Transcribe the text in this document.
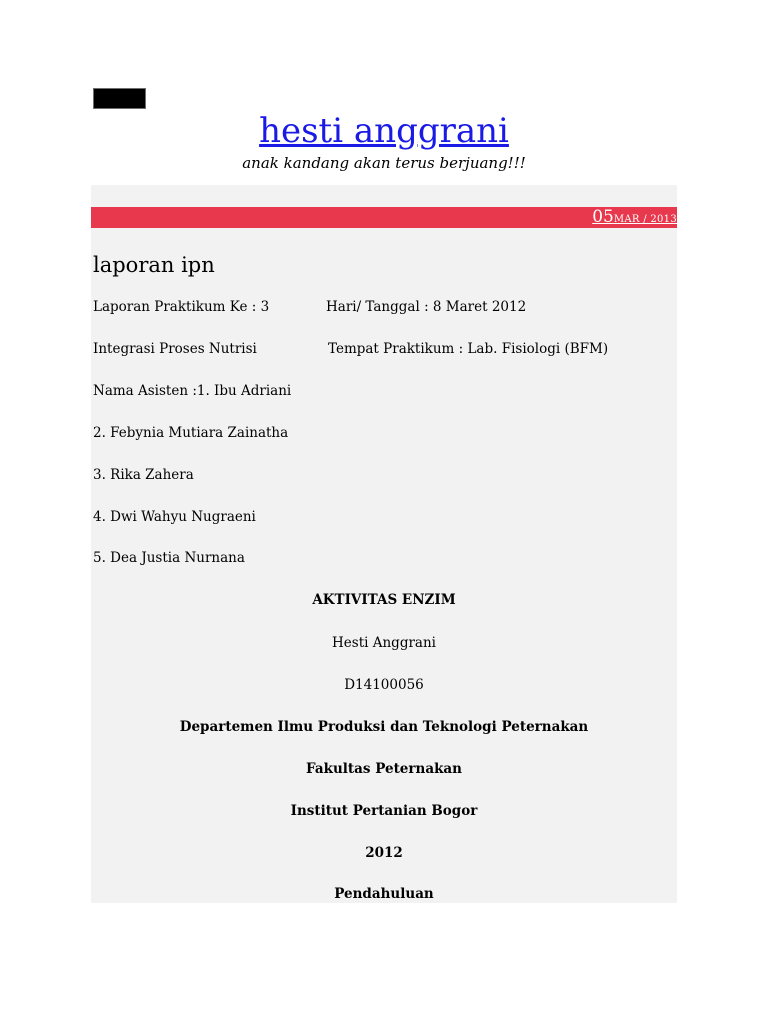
hesti anggrani
anak kandang akan terus berjuang!!!
05MAR / 2013
laporan ipn
Laporan Praktikum Ke : 3	Hari/ Tanggal : 8 Maret 2012
Integrasi Proses Nutrisi	Tempat Praktikum : Lab. Fisiologi (BFM)
Nama Asisten :1. Ibu Adriani
2. Febynia Mutiara Zainatha
3. Rika Zahera
4. Dwi Wahyu Nugraeni
5. Dea Justia Nurnana
AKTIVITAS ENZIM
Hesti Anggrani
D14100056
Departemen Ilmu Produksi dan Teknologi Peternakan
Fakultas Peternakan
Institut Pertanian Bogor
2012
Pendahuluan
